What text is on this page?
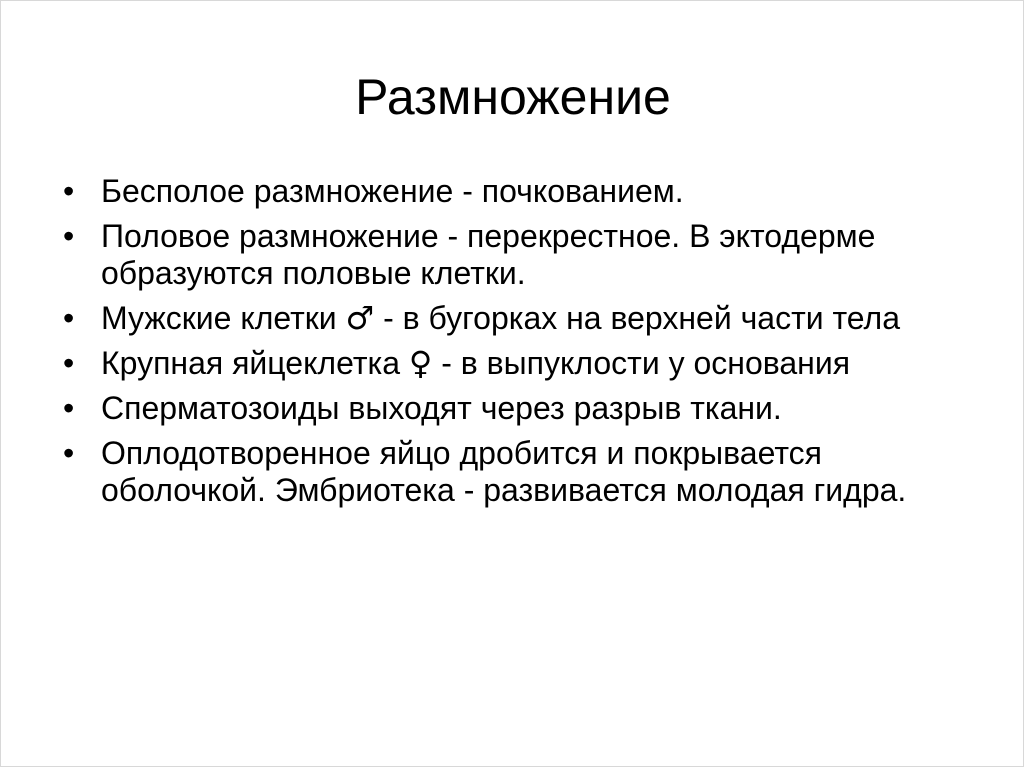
Размножение
• Бесполое размножение - почкованием.
• Половое размножение - перекрестное. В эктодерме образуются половые клетки.
• Мужские клетки ♂ - в бугорках на верхней части тела
• Крупная яйцеклетка ♀ - в выпуклости у основания
• Сперматозоиды выходят через разрыв ткани.
• Оплодотворенное яйцо дробится и покрывается оболочкой. Эмбриотека - развивается молодая гидра.
